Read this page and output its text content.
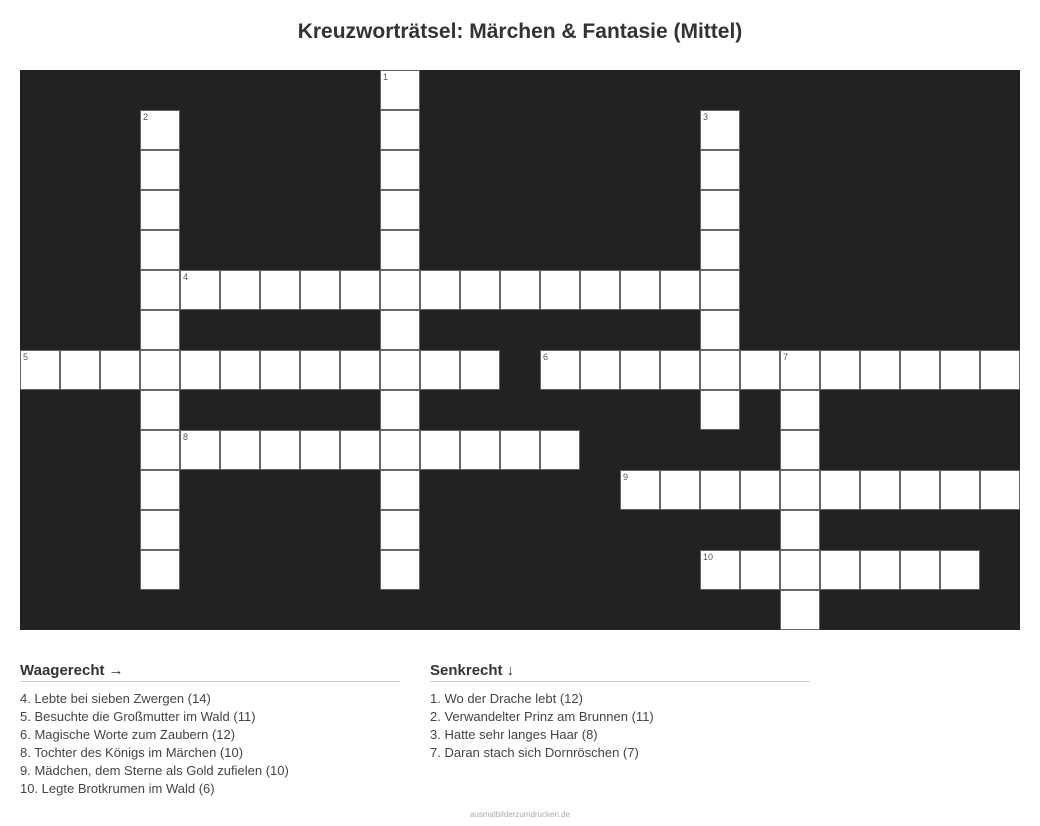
Kreuzworträtsel: Märchen & Fantasie (Mittel)
1
2	3
4
5	6	7
8
9
10
Waagerecht →
4. Lebte bei sieben Zwergen (14)
5. Besuchte die Großmutter im Wald (11)
6. Magische Worte zum Zaubern (12)
8. Tochter des Königs im Märchen (10)
9. Mädchen, dem Sterne als Gold zufielen (10)
10. Legte Brotkrumen im Wald (6)
Senkrecht ↓
1. Wo der Drache lebt (12)
2. Verwandelter Prinz am Brunnen (11)
3. Hatte sehr langes Haar (8)
7. Daran stach sich Dornröschen (7)
ausmalbilderzumdrucken.de
